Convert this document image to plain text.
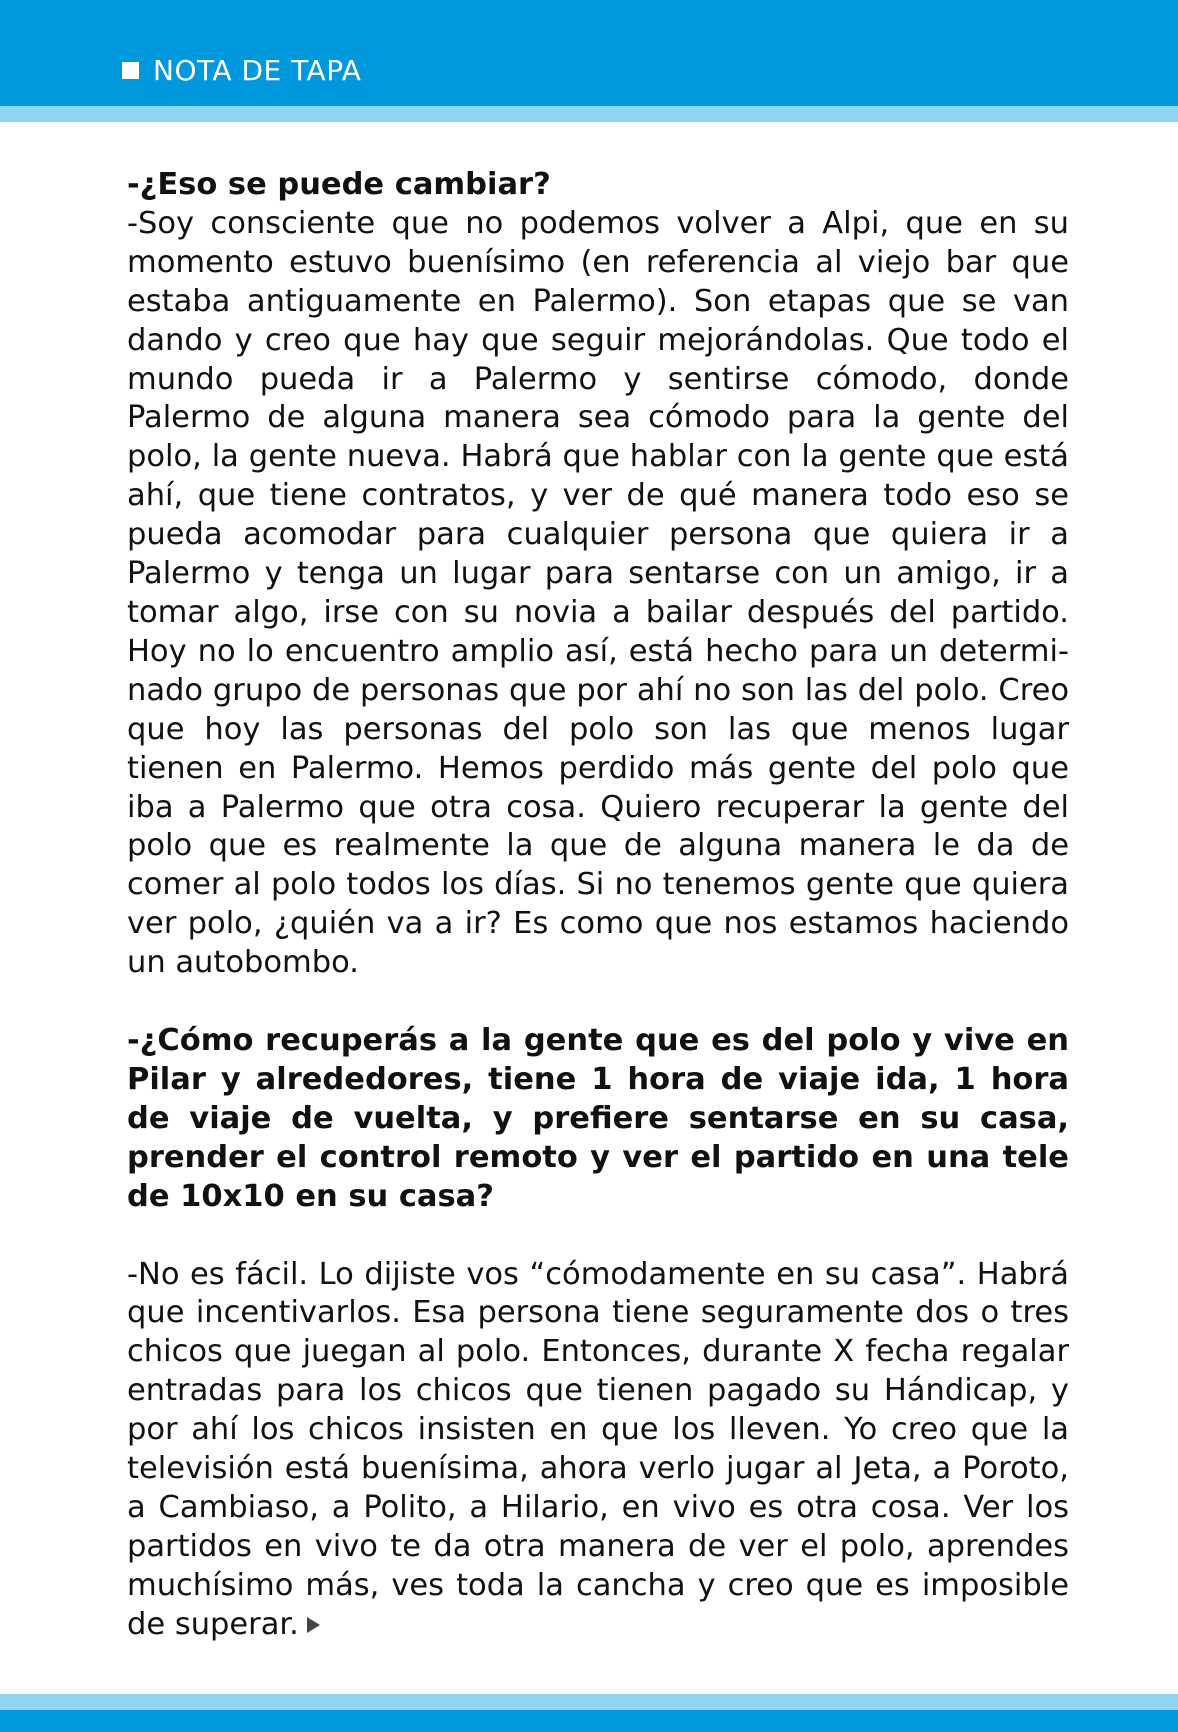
NOTA DE TAPA

-¿Eso se puede cambiar?

-Soy consciente que no podemos volver a Alpi, que en su momento estuvo buenísimo (en referencia al viejo bar que estaba antiguamente en Palermo). Son etapas que se van dando y creo que hay que seguir mejorándolas. Que todo el mundo pueda ir a Palermo y sentirse cómodo, donde Palermo de alguna manera sea cómodo para la gente del polo, la gente nueva. Habrá que hablar con la gente que está ahí, que tiene contratos, y ver de qué manera todo eso se pueda acomodar para cualquier persona que quiera ir a Palermo y tenga un lugar para sentarse con un amigo, ir a tomar algo, irse con su novia a bailar después del partido. Hoy no lo encuentro amplio así, está hecho para un determi-nado grupo de personas que por ahí no son las del polo. Creo que hoy las personas del polo son las que menos lugar tienen en Palermo. Hemos perdido más gente del polo que iba a Palermo que otra cosa. Quiero recuperar la gente del polo que es realmente la que de alguna manera le da de comer al polo todos los días. Si no tenemos gente que quiera ver polo, ¿quién va a ir? Es como que nos estamos haciendo un autobombo.

-¿Cómo recuperás a la gente que es del polo y vive en Pilar y alrededores, tiene 1 hora de viaje ida, 1 hora de viaje de vuelta, y prefiere sentarse en su casa, prender el control remoto y ver el partido en una tele de 10x10 en su casa?

-No es fácil. Lo dijiste vos “cómodamente en su casa”. Habrá que incentivarlos. Esa persona tiene seguramente dos o tres chicos que juegan al polo. Entonces, durante X fecha regalar entradas para los chicos que tienen pagado su Hándicap, y por ahí los chicos insisten en que los lleven. Yo creo que la televisión está buenísima, ahora verlo jugar al Jeta, a Poroto, a Cambiaso, a Polito, a Hilario, en vivo es otra cosa. Ver los partidos en vivo te da otra manera de ver el polo, aprendes muchísimo más, ves toda la cancha y creo que es imposible de superar.
